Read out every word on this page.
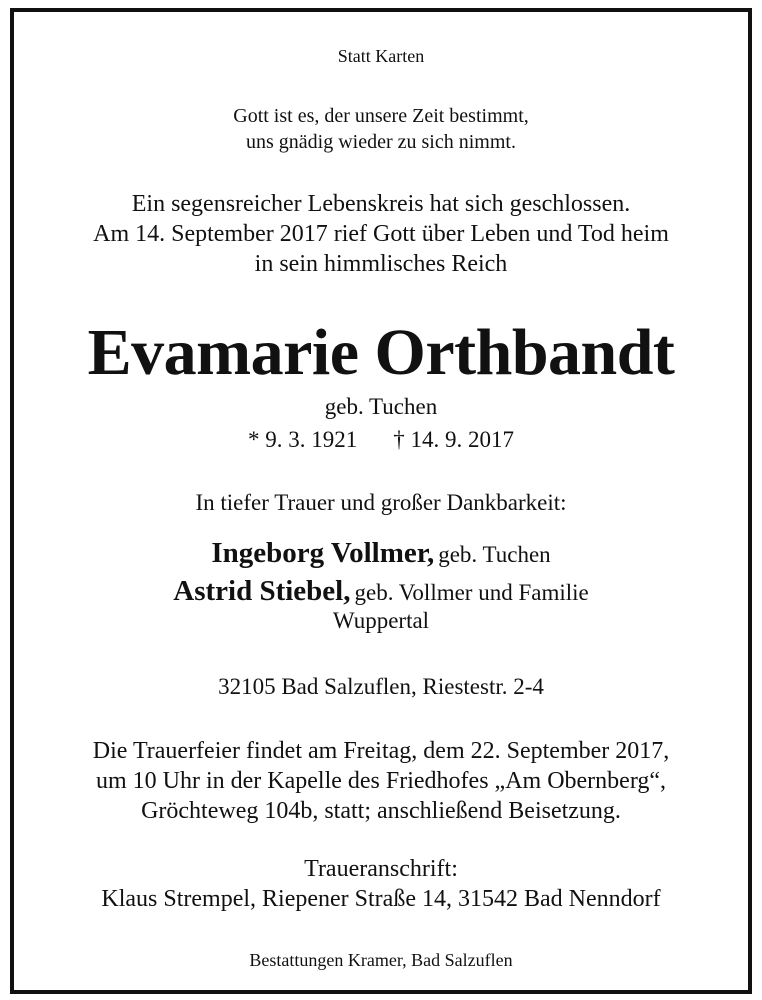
Statt Karten
Gott ist es, der unsere Zeit bestimmt,
uns gnädig wieder zu sich nimmt.
Ein segensreicher Lebenskreis hat sich geschlossen.
Am 14. September 2017 rief Gott über Leben und Tod heim
in sein himmlisches Reich
Evamarie Orthbandt
geb. Tuchen
* 9. 3. 1921 † 14. 9. 2017
In tiefer Trauer und großer Dankbarkeit:
Ingeborg Vollmer, geb. Tuchen
Astrid Stiebel, geb. Vollmer und Familie
Wuppertal
32105 Bad Salzuflen, Riestestr. 2-4
Die Trauerfeier findet am Freitag, dem 22. September 2017,
um 10 Uhr in der Kapelle des Friedhofes „Am Obernberg“,
Gröchteweg 104b, statt; anschließend Beisetzung.
Traueranschrift:
Klaus Strempel, Riepener Straße 14, 31542 Bad Nenndorf
Bestattungen Kramer, Bad Salzuflen
